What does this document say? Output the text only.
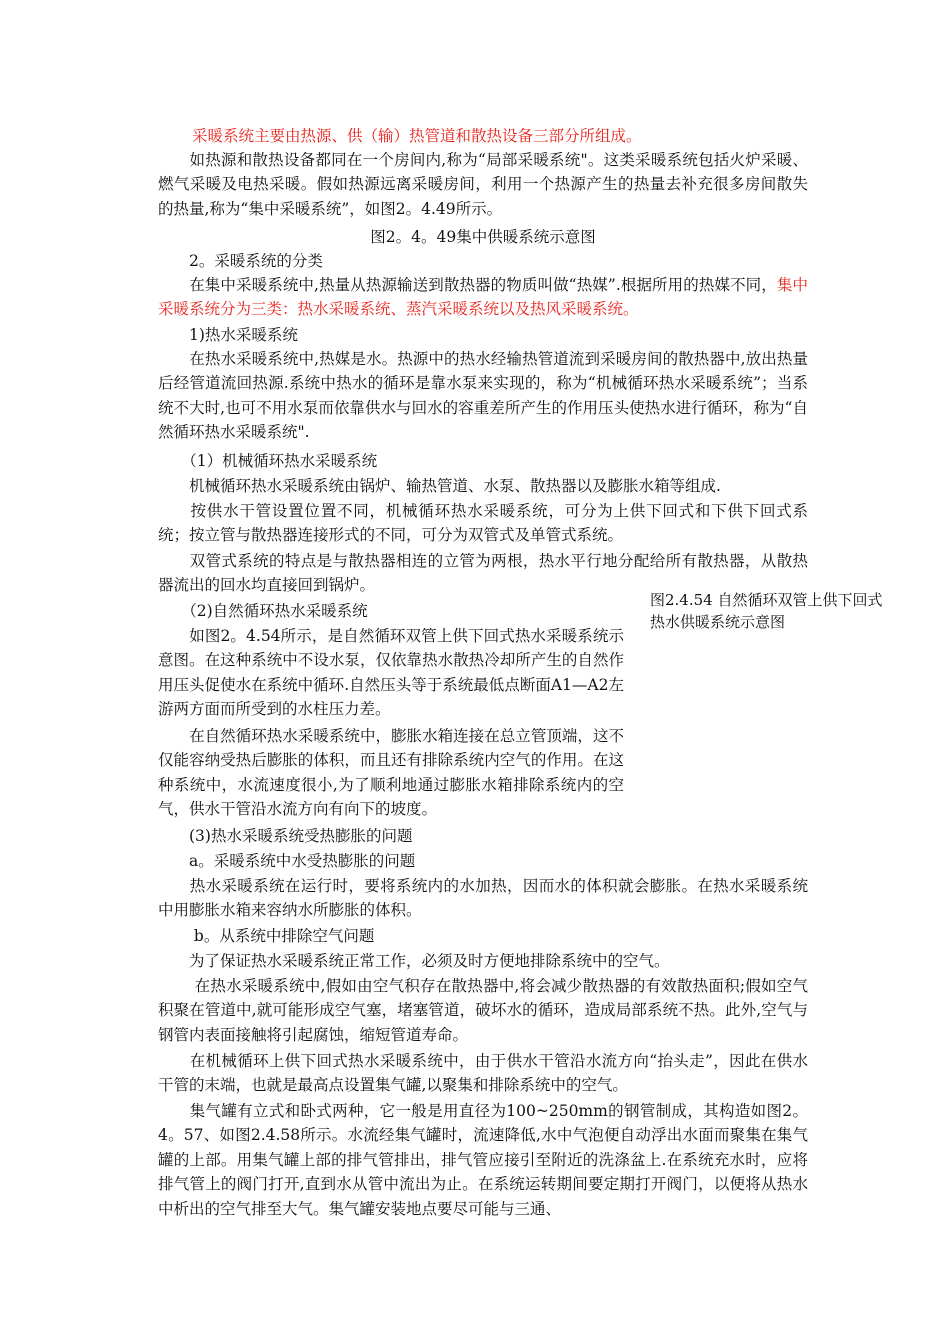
采暖系统主要由热源、供（输）热管道和散热设备三部分所组成。

　　如热源和散热设备都同在一个房间内,称为“局部采暖系统"。这类采暖系统包括火炉采暖、燃气采暖及电热采暖。假如热源远离采暖房间，利用一个热源产生的热量去补充很多房间散失的热量,称为“集中采暖系统”，如图2。4.49所示。

图2。4。49集中供暖系统示意图

　　2。采暖系统的分类

　　在集中采暖系统中,热量从热源输送到散热器的物质叫做“热媒”.根据所用的热媒不同，集中采暖系统分为三类：热水采暖系统、蒸汽采暖系统以及热风采暖系统。

　　1)热水采暖系统

　　在热水采暖系统中,热媒是水。热源中的热水经输热管道流到采暖房间的散热器中,放出热量后经管道流回热源.系统中热水的循环是靠水泵来实现的，称为“机械循环热水采暖系统”；当系统不大时,也可不用水泵而依靠供水与回水的容重差所产生的作用压头使热水进行循环，称为“自然循环热水采暖系统".

　　（1）机械循环热水采暖系统

　　机械循环热水采暖系统由锅炉、输热管道、水泵、散热器以及膨胀水箱等组成.

　　按供水干管设置位置不同，机械循环热水采暖系统，可分为上供下回式和下供下回式系统；按立管与散热器连接形式的不同，可分为双管式及单管式系统。

　　双管式系统的特点是与散热器相连的立管为两根，热水平行地分配给所有散热器，从散热器流出的回水均直接回到锅炉。

　　（2)自然循环热水采暖系统

　　如图2。4.54所示，是自然循环双管上供下回式热水采暖系统示意图。在这种系统中不设水泵，仅依靠热水散热冷却所产生的自然作用压头促使水在系统中循环.自然压头等于系统最低点断面A1—A2左游两方面而所受到的水柱压力差。

　　在自然循环热水采暖系统中，膨胀水箱连接在总立管顶端，这不仅能容纳受热后膨胀的体积，而且还有排除系统内空气的作用。在这种系统中，水流速度很小,为了顺利地通过膨胀水箱排除系统内的空气，供水干管沿水流方向有向下的坡度。

图2.4.54 自然循环双管上供下回式热水供暖系统示意图

　　(3)热水采暖系统受热膨胀的问题

　　a。采暖系统中水受热膨胀的问题

　　热水采暖系统在运行时，要将系统内的水加热，因而水的体积就会膨胀。在热水采暖系统中用膨胀水箱来容纳水所膨胀的体积。

　　 b。从系统中排除空气问题

　　为了保证热水采暖系统正常工作，必须及时方便地排除系统中的空气。

　　 在热水采暖系统中,假如由空气积存在散热器中,将会减少散热器的有效散热面积;假如空气积聚在管道中,就可能形成空气塞，堵塞管道，破坏水的循环，造成局部系统不热。此外,空气与钢管内表面接触将引起腐蚀，缩短管道寿命。

　　在机械循环上供下回式热水采暖系统中，由于供水干管沿水流方向“抬头走”，因此在供水干管的末端，也就是最高点设置集气罐,以聚集和排除系统中的空气。

　　集气罐有立式和卧式两种，它一般是用直径为100~250mm的钢管制成，其构造如图2。4。57、如图2.4.58所示。水流经集气罐时，流速降低,水中气泡便自动浮出水面而聚集在集气罐的上部。用集气罐上部的排气管排出，排气管应接引至附近的洗涤盆上.在系统充水时，应将排气管上的阀门打开,直到水从管中流出为止。在系统运转期间要定期打开阀门，以便将从热水中析出的空气排至大气。集气罐安装地点要尽可能与三通、
